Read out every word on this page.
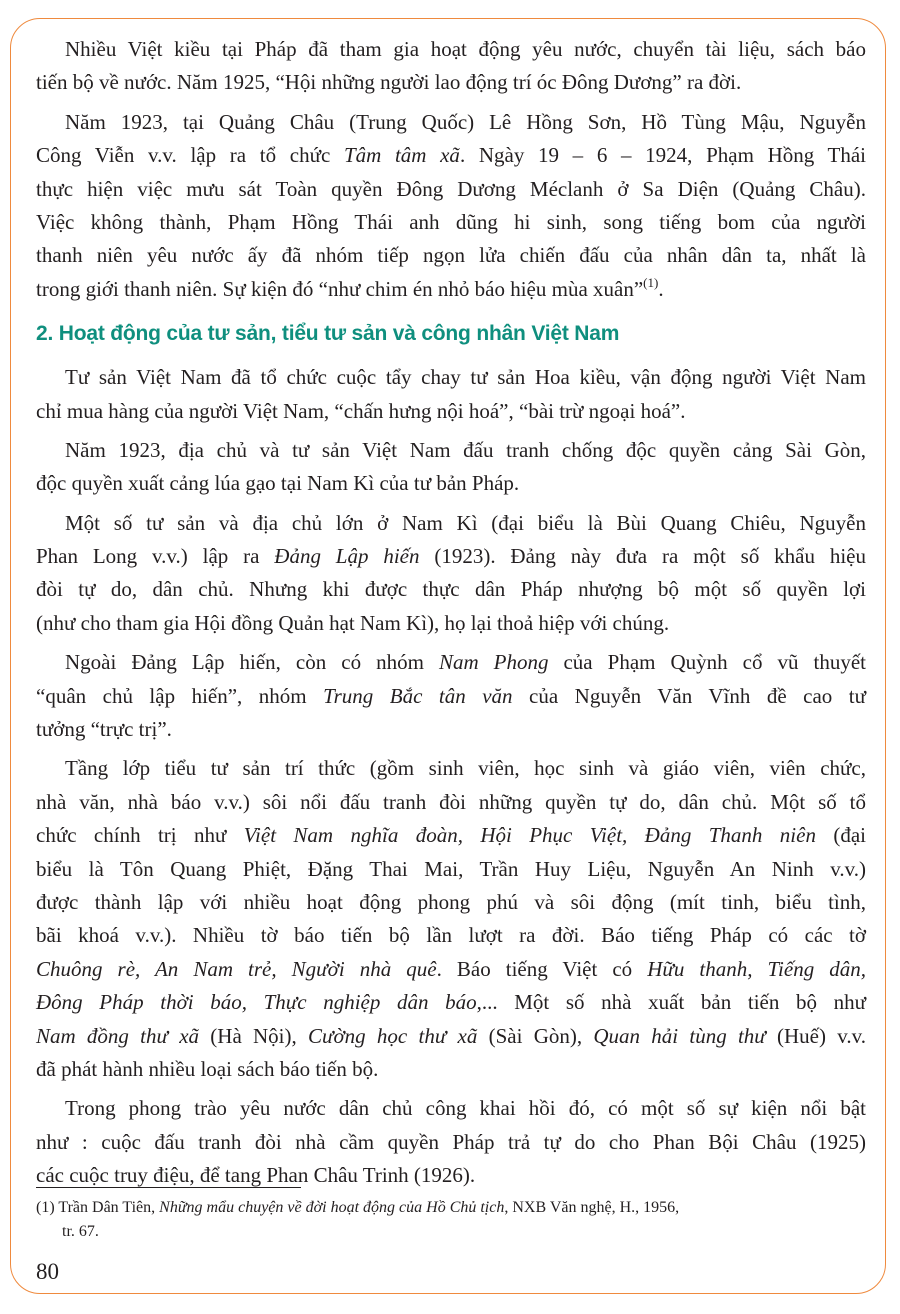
Nhiều Việt kiều tại Pháp đã tham gia hoạt động yêu nước, chuyển tài liệu, sách báo
tiến bộ về nước. Năm 1925, “Hội những người lao động trí óc Đông Dương” ra đời.
Năm 1923, tại Quảng Châu (Trung Quốc) Lê Hồng Sơn, Hồ Tùng Mậu, Nguyễn
Công Viễn v.v. lập ra tổ chức Tâm tâm xã. Ngày 19 – 6 – 1924, Phạm Hồng Thái
thực hiện việc mưu sát Toàn quyền Đông Dương Méclanh ở Sa Diện (Quảng Châu).
Việc không thành, Phạm Hồng Thái anh dũng hi sinh, song tiếng bom của người
thanh niên yêu nước ấy đã nhóm tiếp ngọn lửa chiến đấu của nhân dân ta, nhất là
trong giới thanh niên. Sự kiện đó “như chim én nhỏ báo hiệu mùa xuân”$^{(1)}$.
2. Hoạt động của tư sản, tiểu tư sản và công nhân Việt Nam
Tư sản Việt Nam đã tổ chức cuộc tẩy chay tư sản Hoa kiều, vận động người Việt Nam
chỉ mua hàng của người Việt Nam, “chấn hưng nội hoá”, “bài trừ ngoại hoá”.
Năm 1923, địa chủ và tư sản Việt Nam đấu tranh chống độc quyền cảng Sài Gòn,
độc quyền xuất cảng lúa gạo tại Nam Kì của tư bản Pháp.
Một số tư sản và địa chủ lớn ở Nam Kì (đại biểu là Bùi Quang Chiêu, Nguyễn
Phan Long v.v.) lập ra Đảng Lập hiến (1923). Đảng này đưa ra một số khẩu hiệu
đòi tự do, dân chủ. Nhưng khi được thực dân Pháp nhượng bộ một số quyền lợi
(như cho tham gia Hội đồng Quản hạt Nam Kì), họ lại thoả hiệp với chúng.
Ngoài Đảng Lập hiến, còn có nhóm Nam Phong của Phạm Quỳnh cổ vũ thuyết
“quân chủ lập hiến”, nhóm Trung Bắc tân văn của Nguyễn Văn Vĩnh đề cao tư
tưởng “trực trị”.
Tầng lớp tiểu tư sản trí thức (gồm sinh viên, học sinh và giáo viên, viên chức,
nhà văn, nhà báo v.v.) sôi nổi đấu tranh đòi những quyền tự do, dân chủ. Một số tổ
chức chính trị như Việt Nam nghĩa đoàn, Hội Phục Việt, Đảng Thanh niên (đại
biểu là Tôn Quang Phiệt, Đặng Thai Mai, Trần Huy Liệu, Nguyễn An Ninh v.v.)
được thành lập với nhiều hoạt động phong phú và sôi động (mít tinh, biểu tình,
bãi khoá v.v.). Nhiều tờ báo tiến bộ lần lượt ra đời. Báo tiếng Pháp có các tờ
Chuông rè, An Nam trẻ, Người nhà quê. Báo tiếng Việt có Hữu thanh, Tiếng dân,
Đông Pháp thời báo, Thực nghiệp dân báo,... Một số nhà xuất bản tiến bộ như
Nam đồng thư xã (Hà Nội), Cường học thư xã (Sài Gòn), Quan hải tùng thư (Huế) v.v.
đã phát hành nhiều loại sách báo tiến bộ.
Trong phong trào yêu nước dân chủ công khai hồi đó, có một số sự kiện nổi bật
như : cuộc đấu tranh đòi nhà cầm quyền Pháp trả tự do cho Phan Bội Châu (1925)
các cuộc truy điệu, để tang Phan Châu Trinh (1926).
(1) Trần Dân Tiên, Những mẩu chuyện về đời hoạt động của Hồ Chủ tịch, NXB Văn nghệ, H., 1956,
tr. 67.
80
